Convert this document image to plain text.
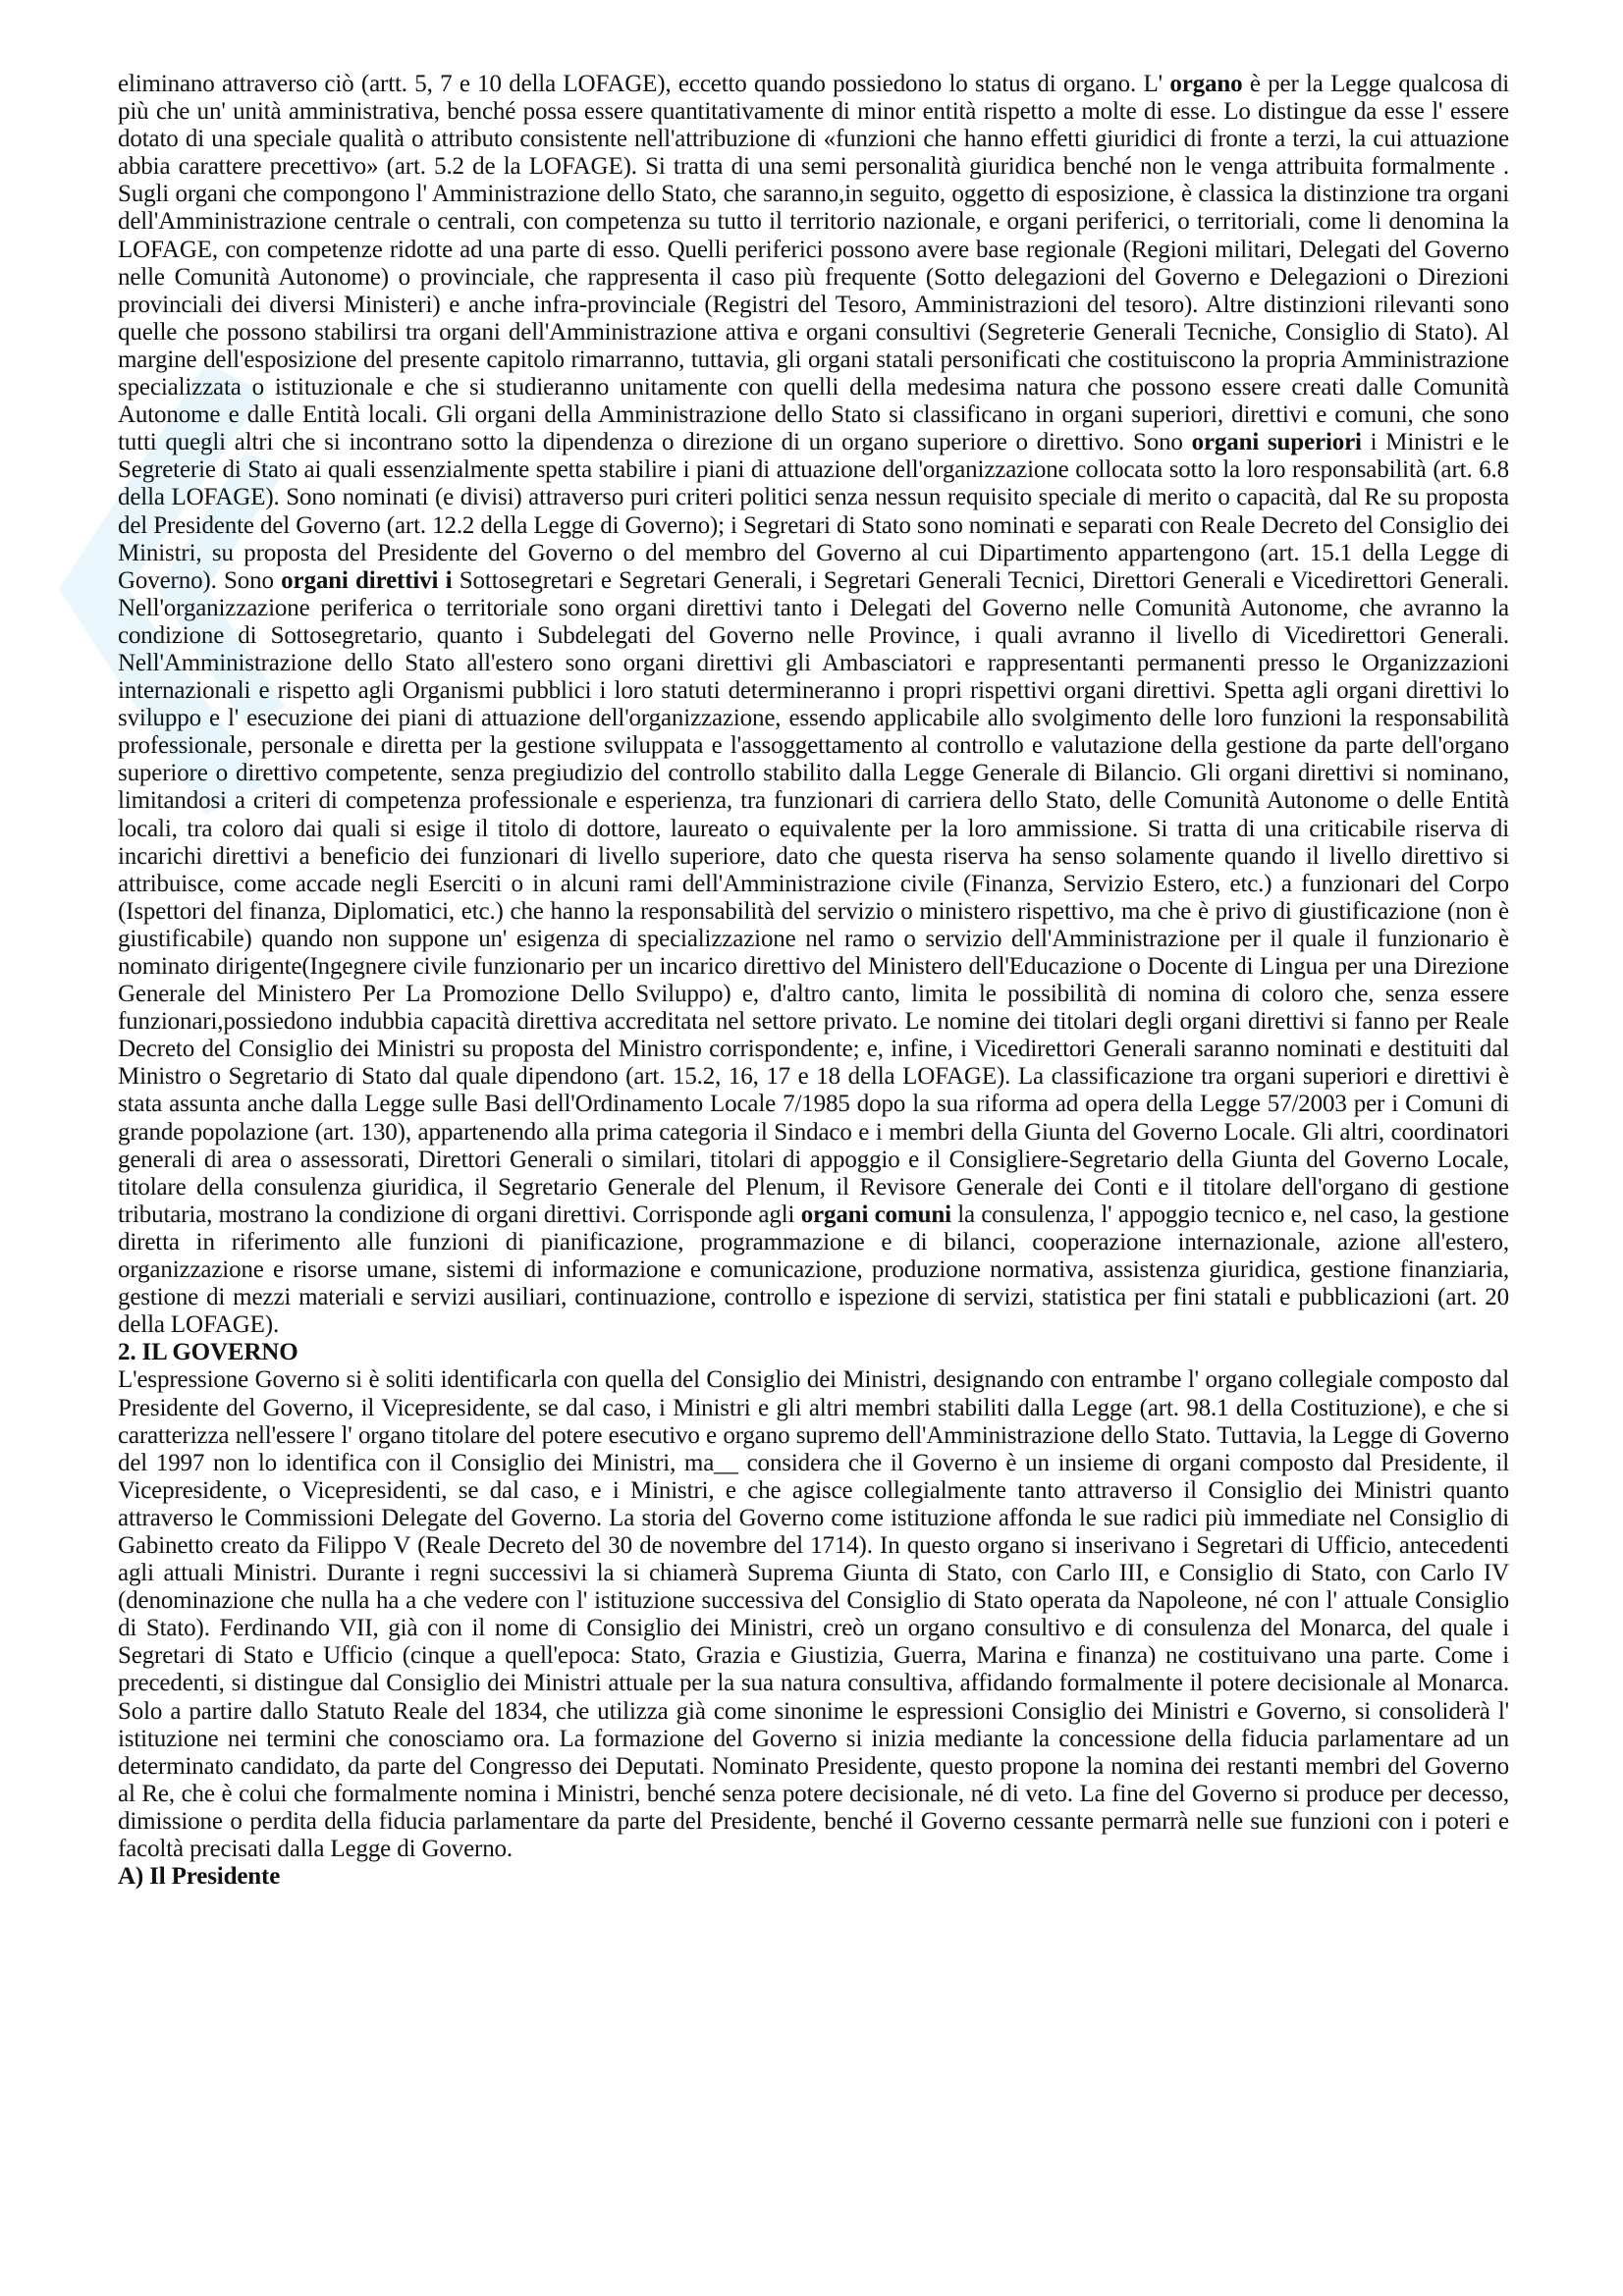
eliminano attraverso ciò (artt. 5, 7 e 10 della LOFAGE), eccetto quando possiedono lo status di organo. L' organo è per la Legge qualcosa di più che un' unità amministrativa, benché possa essere quantitativamente di minor entità rispetto a molte di esse. Lo distingue da esse l' essere dotato di una speciale qualità o attributo consistente nell'attribuzione di «funzioni che hanno effetti giuridici di fronte a terzi, la cui attuazione abbia carattere precettivo» (art. 5.2 de la LOFAGE). Si tratta di una semi personalità giuridica benché non le venga attribuita formalmente . Sugli organi che compongono l' Amministrazione dello Stato, che saranno,in seguito, oggetto di esposizione, è classica la distinzione tra organi dell'Amministrazione centrale o centrali, con competenza su tutto il territorio nazionale, e organi periferici, o territoriali, come li denomina la LOFAGE, con competenze ridotte ad una parte di esso. Quelli periferici possono avere base regionale (Regioni militari, Delegati del Governo nelle Comunità Autonome) o provinciale, che rappresenta il caso più frequente (Sotto delegazioni del Governo e Delegazioni o Direzioni provinciali dei diversi Ministeri) e anche infra-provinciale (Registri del Tesoro, Amministrazioni del tesoro). Altre distinzioni rilevanti sono quelle che possono stabilirsi tra organi dell'Amministrazione attiva e organi consultivi (Segreterie Generali Tecniche, Consiglio di Stato). Al margine dell'esposizione del presente capitolo rimarranno, tuttavia, gli organi statali personificati che costituiscono la propria Amministrazione specializzata o istituzionale e che si studieranno unitamente con quelli della medesima natura che possono essere creati dalle Comunità Autonome e dalle Entità locali. Gli organi della Amministrazione dello Stato si classificano in organi superiori, direttivi e comuni, che sono tutti quegli altri che si incontrano sotto la dipendenza o direzione di un organo superiore o direttivo. Sono organi superiori i Ministri e le Segreterie di Stato ai quali essenzialmente spetta stabilire i piani di attuazione dell'organizzazione collocata sotto la loro responsabilità (art. 6.8 della LOFAGE). Sono nominati (e divisi) attraverso puri criteri politici senza nessun requisito speciale di merito o capacità, dal Re su proposta del Presidente del Governo (art. 12.2 della Legge di Governo); i Segretari di Stato sono nominati e separati con Reale Decreto del Consiglio dei Ministri, su proposta del Presidente del Governo o del membro del Governo al cui Dipartimento appartengono (art. 15.1 della Legge di Governo). Sono organi direttivi i Sottosegretari e Segretari Generali, i Segretari Generali Tecnici, Direttori Generali e Vicedirettori Generali. Nell'organizzazione periferica o territoriale sono organi direttivi tanto i Delegati del Governo nelle Comunità Autonome, che avranno la condizione di Sottosegretario, quanto i Subdelegati del Governo nelle Province, i quali avranno il livello di Vicedirettori Generali. Nell'Amministrazione dello Stato all'estero sono organi direttivi gli Ambasciatori e rappresentanti permanenti presso le Organizzazioni internazionali e rispetto agli Organismi pubblici i loro statuti determineranno i propri rispettivi organi direttivi. Spetta agli organi direttivi lo sviluppo e l' esecuzione dei piani di attuazione dell'organizzazione, essendo applicabile allo svolgimento delle loro funzioni la responsabilità professionale, personale e diretta per la gestione sviluppata e l'assoggettamento al controllo e valutazione della gestione da parte dell'organo superiore o direttivo competente, senza pregiudizio del controllo stabilito dalla Legge Generale di Bilancio. Gli organi direttivi si nominano, limitandosi a criteri di competenza professionale e esperienza, tra funzionari di carriera dello Stato, delle Comunità Autonome o delle Entità locali, tra coloro dai quali si esige il titolo di dottore, laureato o equivalente per la loro ammissione. Si tratta di una criticabile riserva di incarichi direttivi a beneficio dei funzionari di livello superiore, dato che questa riserva ha senso solamente quando il livello direttivo si attribuisce, come accade negli Eserciti o in alcuni rami dell'Amministrazione civile (Finanza, Servizio Estero, etc.) a funzionari del Corpo (Ispettori del finanza, Diplomatici, etc.) che hanno la responsabilità del servizio o ministero rispettivo, ma che è privo di giustificazione (non è giustificabile) quando non suppone un' esigenza di specializzazione nel ramo o servizio dell'Amministrazione per il quale il funzionario è nominato dirigente(Ingegnere civile funzionario per un incarico direttivo del Ministero dell'Educazione o Docente di Lingua per una Direzione Generale del Ministero Per La Promozione Dello Sviluppo) e, d'altro canto, limita le possibilità di nomina di coloro che, senza essere funzionari,possiedono indubbia capacità direttiva accreditata nel settore privato. Le nomine dei titolari degli organi direttivi si fanno per Reale Decreto del Consiglio dei Ministri su proposta del Ministro corrispondente; e, infine, i Vicedirettori Generali saranno nominati e destituiti dal Ministro o Segretario di Stato dal quale dipendono (art. 15.2, 16, 17 e 18 della LOFAGE). La classificazione tra organi superiori e direttivi è stata assunta anche dalla Legge sulle Basi dell'Ordinamento Locale 7/1985 dopo la sua riforma ad opera della Legge 57/2003 per i Comuni di grande popolazione (art. 130), appartenendo alla prima categoria il Sindaco e i membri della Giunta del Governo Locale. Gli altri, coordinatori generali di area o assessorati, Direttori Generali o similari, titolari di appoggio e il Consigliere-Segretario della Giunta del Governo Locale, titolare della consulenza giuridica, il Segretario Generale del Plenum, il Revisore Generale dei Conti e il titolare dell'organo di gestione tributaria, mostrano la condizione di organi direttivi. Corrisponde agli organi comuni la consulenza, l' appoggio tecnico e, nel caso, la gestione diretta in riferimento alle funzioni di pianificazione, programmazione e di bilanci, cooperazione internazionale, azione all'estero, organizzazione e risorse umane, sistemi di informazione e comunicazione, produzione normativa, assistenza giuridica, gestione finanziaria, gestione di mezzi materiali e servizi ausiliari, continuazione, controllo e ispezione di servizi, statistica per fini statali e pubblicazioni (art. 20 della LOFAGE).

2. IL GOVERNO

L'espressione Governo si è soliti identificarla con quella del Consiglio dei Ministri, designando con entrambe l' organo collegiale composto dal Presidente del Governo, il Vicepresidente, se dal caso, i Ministri e gli altri membri stabiliti dalla Legge (art. 98.1 della Costituzione), e che si caratterizza nell'essere l' organo titolare del potere esecutivo e organo supremo dell'Amministrazione dello Stato. Tuttavia, la Legge di Governo del 1997 non lo identifica con il Consiglio dei Ministri, ma__ considera che il Governo è un insieme di organi composto dal Presidente, il Vicepresidente, o Vicepresidenti, se dal caso, e i Ministri, e che agisce collegialmente tanto attraverso il Consiglio dei Ministri quanto attraverso le Commissioni Delegate del Governo. La storia del Governo come istituzione affonda le sue radici più immediate nel Consiglio di Gabinetto creato da Filippo V (Reale Decreto del 30 de novembre del 1714). In questo organo si inserivano i Segretari di Ufficio, antecedenti agli attuali Ministri. Durante i regni successivi la si chiamerà Suprema Giunta di Stato, con Carlo III, e Consiglio di Stato, con Carlo IV (denominazione che nulla ha a che vedere con l' istituzione successiva del Consiglio di Stato operata da Napoleone, né con l' attuale Consiglio di Stato). Ferdinando VII, già con il nome di Consiglio dei Ministri, creò un organo consultivo e di consulenza del Monarca, del quale i Segretari di Stato e Ufficio (cinque a quell'epoca: Stato, Grazia e Giustizia, Guerra, Marina e finanza) ne costituivano una parte. Come i precedenti, si distingue dal Consiglio dei Ministri attuale per la sua natura consultiva, affidando formalmente il potere decisionale al Monarca. Solo a partire dallo Statuto Reale del 1834, che utilizza già come sinonime le espressioni Consiglio dei Ministri e Governo, si consoliderà l' istituzione nei termini che conosciamo ora. La formazione del Governo si inizia mediante la concessione della fiducia parlamentare ad un determinato candidato, da parte del Congresso dei Deputati. Nominato Presidente, questo propone la nomina dei restanti membri del Governo al Re, che è colui che formalmente nomina i Ministri, benché senza potere decisionale, né di veto. La fine del Governo si produce per decesso, dimissione o perdita della fiducia parlamentare da parte del Presidente, benché il Governo cessante permarrà nelle sue funzioni con i poteri e facoltà precisati dalla Legge di Governo.

A) Il Presidente
